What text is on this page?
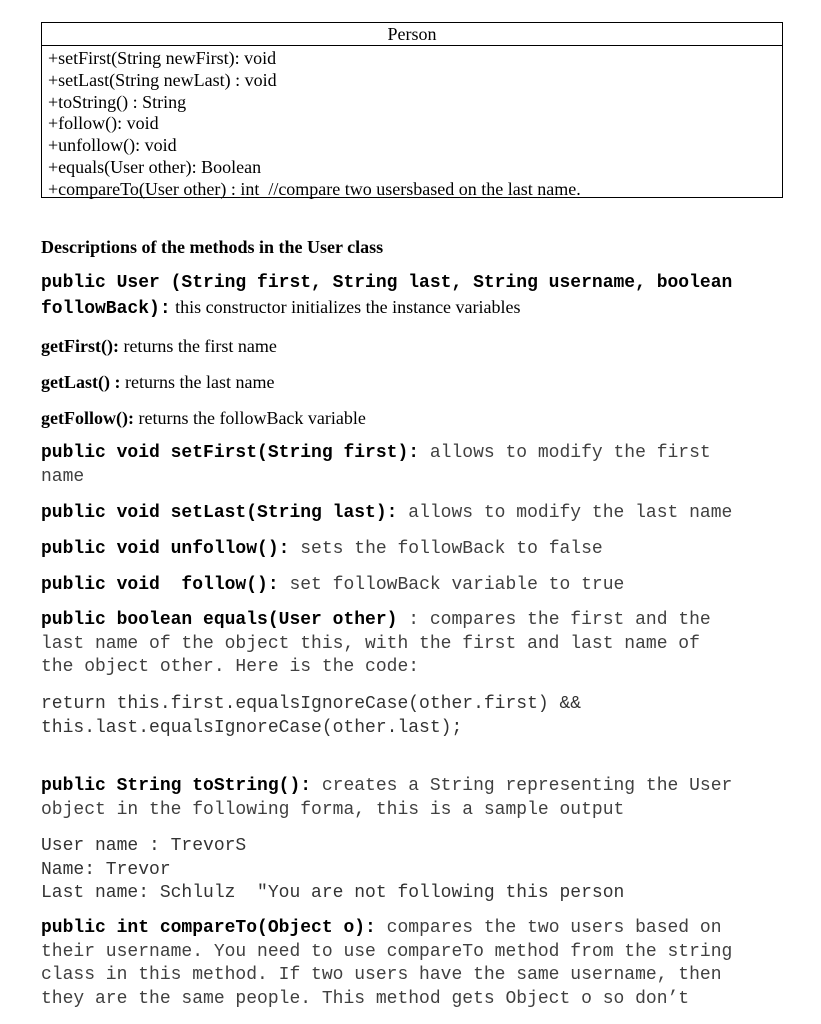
Person
+setFirst(String newFirst): void
+setLast(String newLast) : void
+toString() : String
+follow(): void
+unfollow(): void
+equals(User other): Boolean
+compareTo(User other) : int  //compare two usersbased on the last name.
Descriptions of the methods in the User class
public User (String first, String last, String username, boolean
followBack): this constructor initializes the instance variables
getFirst(): returns the first name
getLast() : returns the last name
getFollow(): returns the followBack variable
public void setFirst(String first): allows to modify the first
name
public void setLast(String last): allows to modify the last name
public void unfollow(): sets the followBack to false
public void  follow(): set followBack variable to true
public boolean equals(User other) : compares the first and the
last name of the object this, with the first and last name of
the object other. Here is the code:
return this.first.equalsIgnoreCase(other.first) &&
this.last.equalsIgnoreCase(other.last);
public String toString(): creates a String representing the User
object in the following forma, this is a sample output
User name : TrevorS
Name: Trevor
Last name: Schlulz  "You are not following this person
public int compareTo(Object o): compares the two users based on
their username. You need to use compareTo method from the string
class in this method. If two users have the same username, then
they are the same people. This method gets Object o so don’t
